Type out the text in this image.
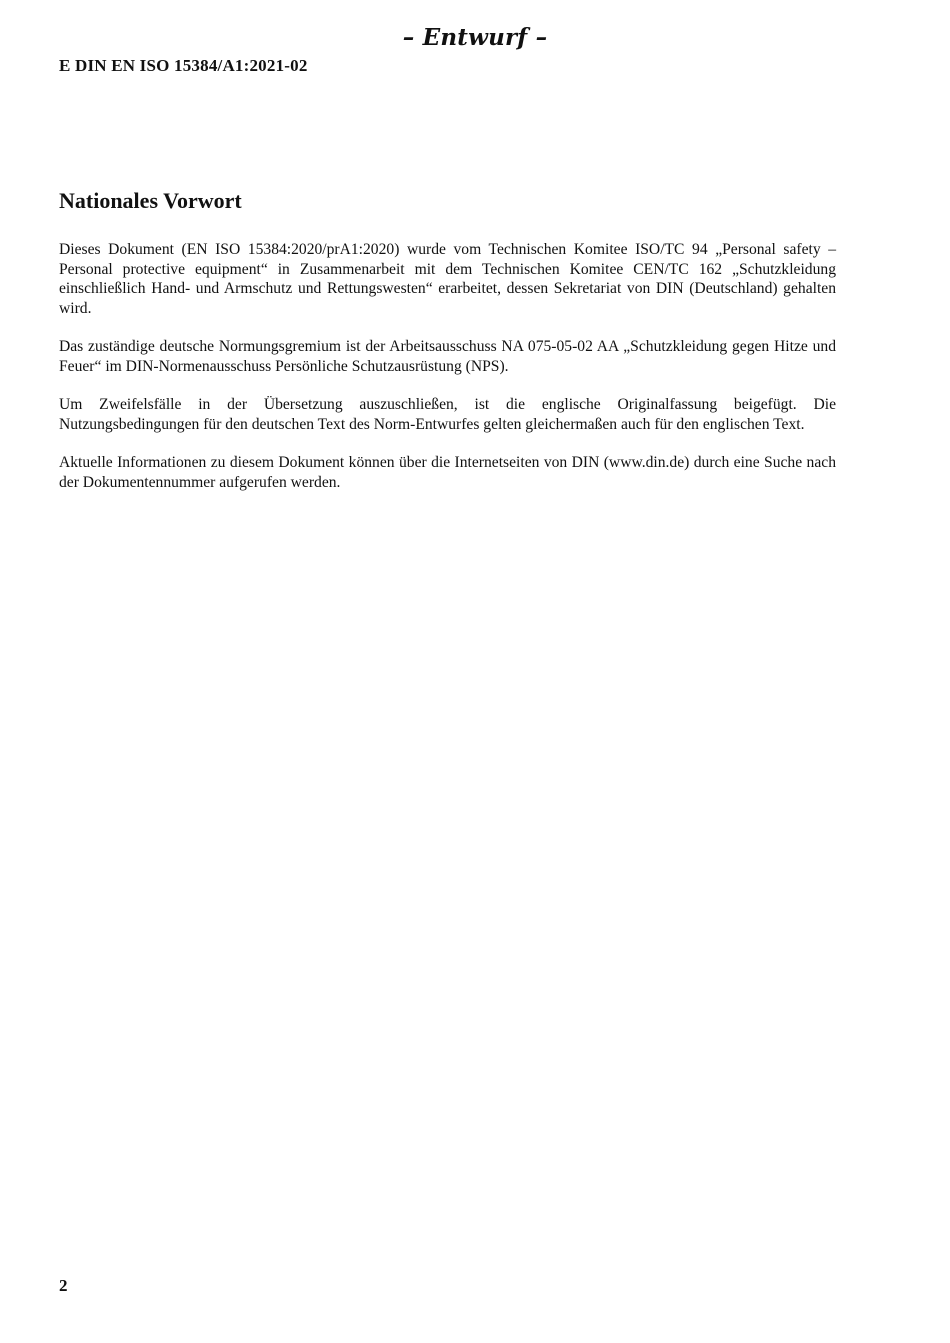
– Entwurf –
E DIN EN ISO 15384/A1:2021-02
Nationales Vorwort

Dieses Dokument (EN ISO 15384:2020/prA1:2020) wurde vom Technischen Komitee ISO/TC 94 „Personal safety – Personal protective equipment“ in Zusammenarbeit mit dem Technischen Komitee CEN/TC 162 „Schutzkleidung einschließlich Hand- und Armschutz und Rettungswesten“ erarbeitet, dessen Sekretariat von DIN (Deutschland) gehalten wird.

Das zuständige deutsche Normungsgremium ist der Arbeitsausschuss NA 075-05-02 AA „Schutzkleidung gegen Hitze und Feuer“ im DIN-Normenausschuss Persönliche Schutzausrüstung (NPS).

Um Zweifelsfälle in der Übersetzung auszuschließen, ist die englische Originalfassung beigefügt. Die Nutzungsbedingungen für den deutschen Text des Norm-Entwurfes gelten gleichermaßen auch für den englischen Text.

Aktuelle Informationen zu diesem Dokument können über die Internetseiten von DIN (www.din.de) durch eine Suche nach der Dokumentennummer aufgerufen werden.

2
